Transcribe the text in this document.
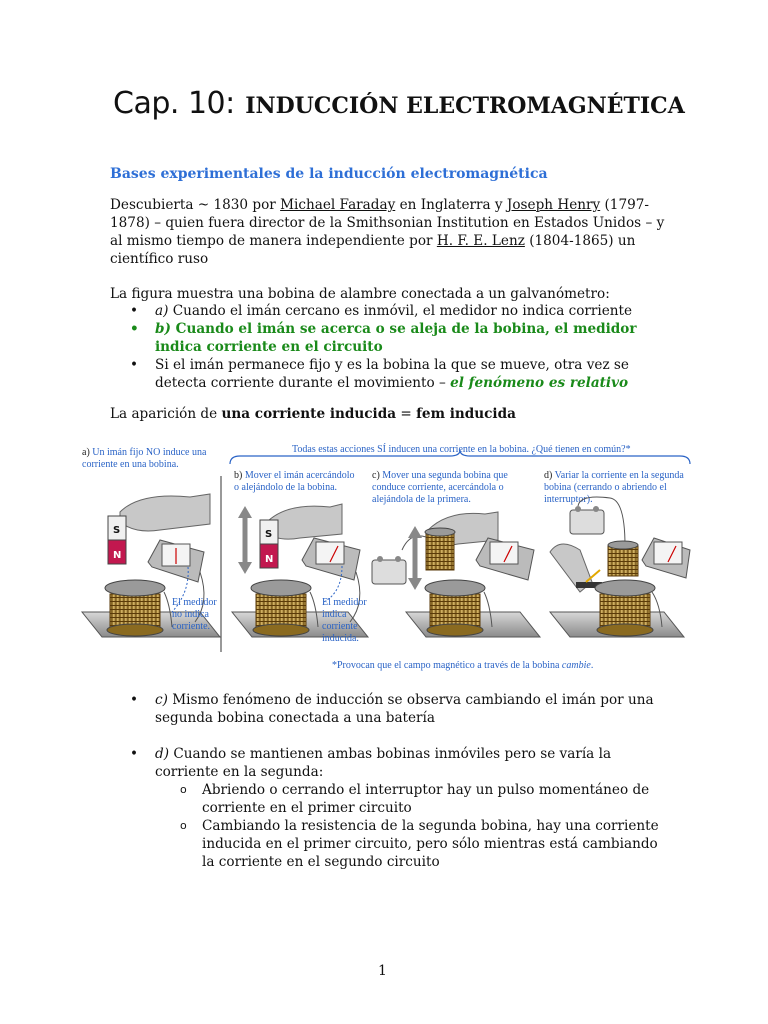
Cap. 10: INDUCCIÓN ELECTROMAGNÉTICA
Bases experimentales de la inducción electromagnética
Descubierta ~ 1830 por Michael Faraday en Inglaterra y Joseph Henry (1797-1878) – quien fuera director de la Smithsonian Institution en Estados Unidos – y al mismo tiempo de manera independiente por H. F. E. Lenz (1804-1865) un científico ruso
La figura muestra una bobina de alambre conectada a un galvanómetro:
• a) Cuando el imán cercano es inmóvil, el medidor no indica corriente
• b) Cuando el imán se acerca o se aleja de la bobina, el medidor indica corriente en el circuito
• Si el imán permanece fijo y es la bobina la que se mueve, otra vez se detecta corriente durante el movimiento – el fenómeno es relativo
La aparición de una corriente inducida = fem inducida
Todas estas acciones SÍ inducen una corriente en la bobina. ¿Qué tienen en común?*
a) Un imán fijo NO induce una
corriente en una bobina.
b) Mover el imán acercándolo
o alejándolo de la bobina.
c) Mover una segunda bobina que
conduce corriente, acercándola o
alejándola de la primera.
d) Variar la corriente en la segunda
bobina (cerrando o abriendo el
interruptor).
S
N
El medidor
no indica
corriente.
S
N
El medidor
indica
corriente
inducida.
*Provocan que el campo magnético a través de la bobina cambie.
• c) Mismo fenómeno de inducción se observa cambiando el imán por una segunda bobina conectada a una batería
• d) Cuando se mantienen ambas bobinas inmóviles pero se varía la corriente en la segunda:
o Abriendo o cerrando el interruptor hay un pulso momentáneo de corriente en el primer circuito
o Cambiando la resistencia de la segunda bobina, hay una corriente inducida en el primer circuito, pero sólo mientras está cambiando la corriente en el segundo circuito
1
